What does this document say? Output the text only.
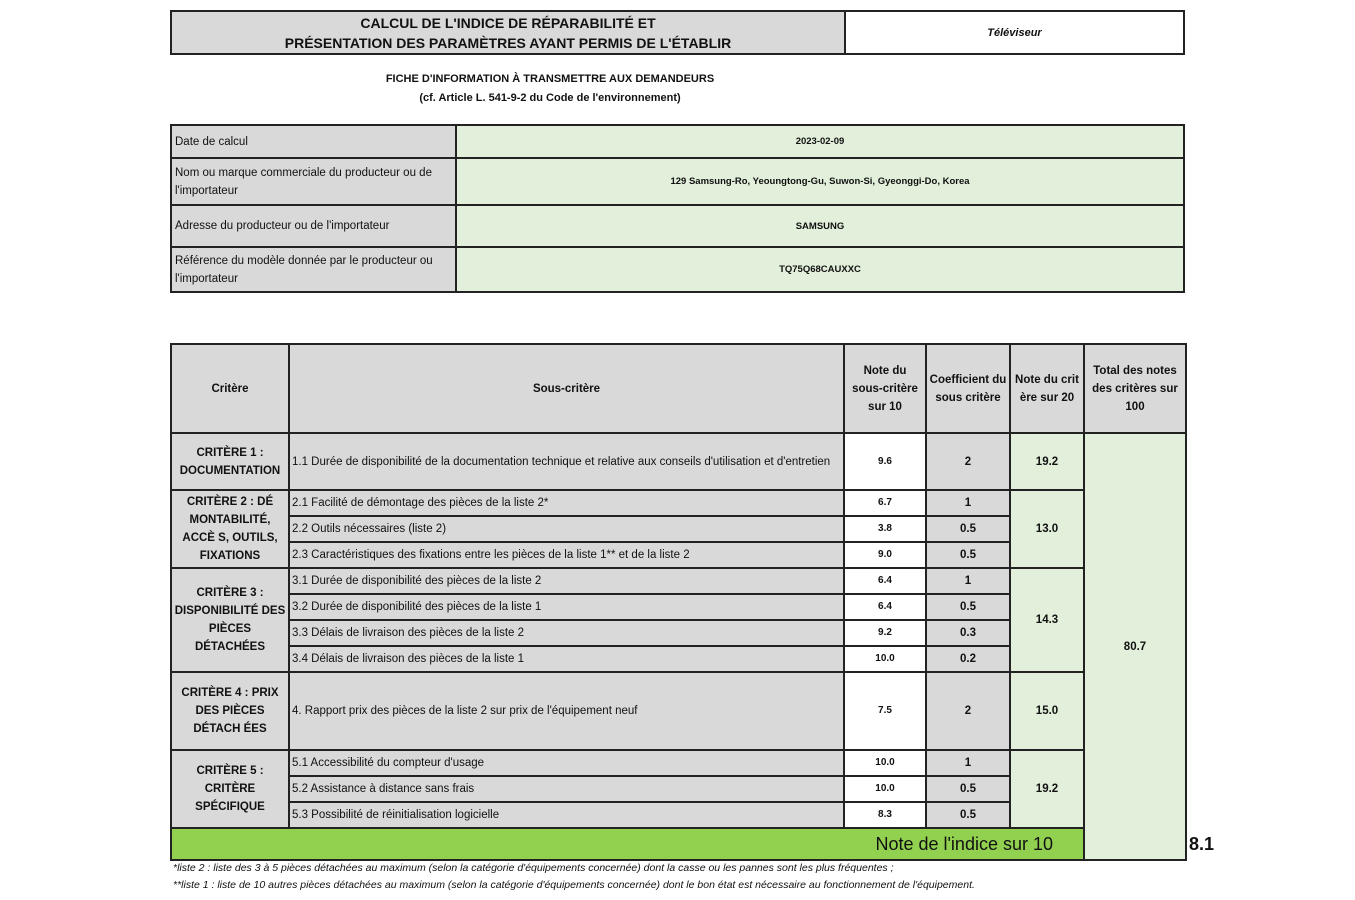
CALCUL DE L'INDICE DE RÉPARABILITÉ ET
PRÉSENTATION DES PARAMÈTRES AYANT PERMIS DE L'ÉTABLIR
Téléviseur
FICHE D'INFORMATION À TRANSMETTRE AUX DEMANDEURS
(cf. Article L. 541-9-2 du Code de l'environnement)
Date de calcul	2023-02-09
Nom ou marque commerciale du producteur ou de l'importateur	129 Samsung-Ro, Yeoungtong-Gu, Suwon-Si, Gyeonggi-Do, Korea
Adresse du producteur ou de l'importateur	SAMSUNG
Référence du modèle donnée par le producteur ou l'importateur	TQ75Q68CAUXXC
Critère	Sous-critère	Note du sous-critère sur 10	Coefficient du sous critère	Note du crit ère sur 20	Total des notes des critères sur 100	
CRITÈRE 1 : DOCUMENTATION	1.1 Durée de disponibilité de la documentation technique et relative aux conseils d'utilisation et d'entretien	9.6	2	19.2	80.7	
CRITÈRE 2 : DÉ MONTABILITÉ, ACCÈ S, OUTILS, FIXATIONS	2.1 Facilité de démontage des pièces de la liste 2*	6.7	1	13.0		
	2.2 Outils nécessaires (liste 2)	3.8	0.5			
	2.3 Caractéristiques des fixations entre les pièces de la liste 1** et de la liste 2	9.0	0.5			
CRITÈRE 3 : DISPONIBILITÉ DES PIÈCES DÉTACHÉES	3.1 Durée de disponibilité des pièces de la liste 2	6.4	1	14.3		
	3.2 Durée de disponibilité des pièces de la liste 1	6.4	0.5			
	3.3 Délais de livraison des pièces de la liste 2	9.2	0.3			
	3.4 Délais de livraison des pièces de la liste 1	10.0	0.2			
CRITÈRE 4 : PRIX DES PIÈCES DÉTACH ÉES	4. Rapport prix des pièces de la liste 2 sur prix de l'équipement neuf	7.5	2	15.0		
CRITÈRE 5 : CRITÈRE SPÉCIFIQUE	5.1 Accessibilité du compteur d'usage	10.0	1	19.2		
	5.2 Assistance à distance sans frais	10.0	0.5			
	5.3 Possibilité de réinitialisation logicielle	8.3	0.5			
Note de l'indice sur 10						8.1
*liste 2 : liste des 3 à 5 pièces détachées au maximum (selon la catégorie d'équipements concernée) dont la casse ou les pannes sont les plus fréquentes ;
**liste 1 : liste de 10 autres pièces détachées au maximum (selon la catégorie d'équipements concernée) dont le bon état est nécessaire au fonctionnement de l'équipement.
